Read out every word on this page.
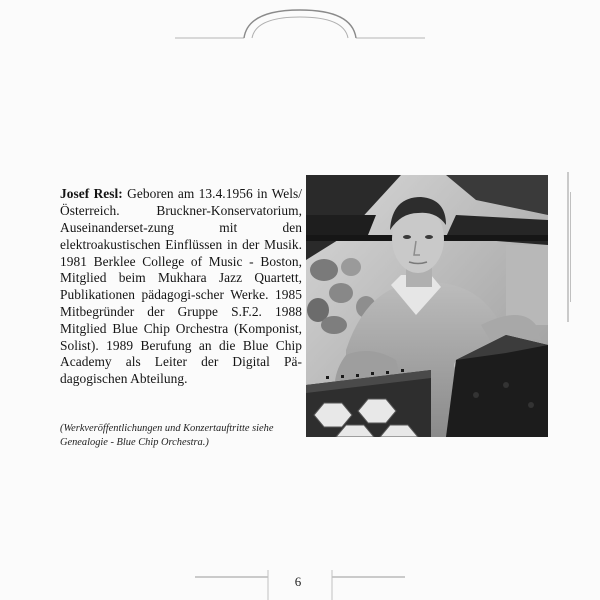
Josef Resl: Geboren am 13.4.1956 in Wels/Österreich. Bruckner-Konservatorium, Auseinanderset-zung mit den elektroakustischen Einflüssen in der Musik. 1981 Berklee College of Music - Boston, Mitglied beim Mukhara Jazz Quartett, Publikationen pädagogi-scher Werke. 1985 Mitbegründer der Gruppe S.F.2. 1988 Mitglied Blue Chip Orchestra (Komponist, Solist). 1989 Berufung an die Blue Chip Academy als Leiter der Digital Pä-dagogischen Abteilung.

(Werkveröffentlichungen und Konzertauftritte siehe Genealogie - Blue Chip Orchestra.)

6
